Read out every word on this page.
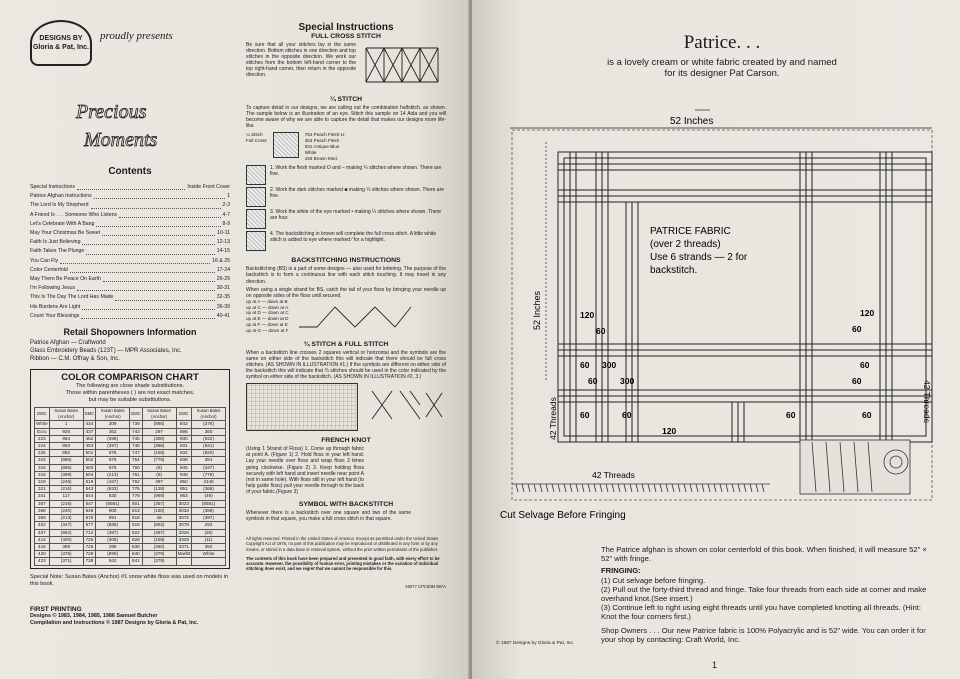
DESIGNS BY Gloria & Pat, Inc.
proudly presents
Precious
Moments
Contents
Special Instructions	Inside Front Cover
Patrice Afghan Instructions	1
The Lord Is My Shepherd	2-3
A Friend Is . . . Someone Who Listens	4-7
Let's Celebrate With A Bang	8-9
May Your Christmas Be Sweet	10-11
Faith Is Just Believing	12-13
Faith Takes The Plunge	14-15
You Can Fly	16 & 25
Color Centerfold	17-24
May There Be Peace On Earth	26-29
I'm Following Jesus	30-31
This Is The Day The Lord Has Made	32-35
His Burdens Are Light	36-39
Count Your Blessings	40-41
Retail Shopowners Information
Patrice Afghan — Craftworld
Glass Embroidery Beads (123T) — MPR Associates, Inc.
Ribbon — C.M. Offray & Son, Inc.
COLOR COMPARISON CHART
The following are close shade substitutions.
Those within parentheses ( ) are not exact matches,
but may be suitable substitutions.
DMC	Susan Bates (Anchor)	DMC	Susan Bates (Anchor)	DMC	Susan Bates (Anchor)	DMC	Susan Bates (Anchor)
White	1	434	309	739	(885)	842	(376)
Ecru	926	437	362	743	297	898	360
223	894	452	(399)	745	(300)	930	(922)
224	893	453	(397)	746	(386)	931	(921)
225	892	501	878	747	(158)	932	(920)
315	(896)	502	876	754	(778)	938	381
316	(895)	503	875	760	(9)	945	(347)
318	(399)	504	(213)	761	(8)	948	(778)
319	(246)	519	(167)	762	397	950	4146
321	(216)	543	(933)	775	(128)	951	(366)
341	117	644	830	778	(968)	963	(49)
367	(216)	647	(8581)	801	(357)	3023	(8581)
368	(240)	648	900	813	(160)	3033	(388)
369	(213)	676	891	818	48	3072	(397)
402	(347)	677	(886)	819	(892)	3078	292
407	(882)	712	(387)	822	(387)	3326	(25)
414	(400)	725	(306)	828	(158)	3328	(11)
415	398	726	295	839	(360)	3371	382
420	(375)	729	(890)	840	(379)	Marlitt	White
433	(371)	738	942	841	(378)		
Special Note: Susan Bates (Anchor) #1 snow white floss was used on models in this book.
FIRST PRINTING
Designs © 1983, 1984, 1985, 1986 Samuel Butcher
Compilation and Instructions © 1987 Designs by Gloria & Pat, Inc.
Special Instructions
FULL CROSS STITCH

Be sure that all your stitches lay in the same direction. Bottom stitches in one direction and top stitches in the opposite direction. We work our stitches from the bottom left-hand corner to the top right-hand corner, then return in the opposite direction.

¼ STITCH

To capture detail in our designs, we are calling out the combination halfstitch, as shown. The sample below is an illustration of an eye. Stitch this sample on 14 Aida and you will become aware of why we are able to capture the detail that makes our designs more life-like.

¼ Stitch
Full Cross
754 Peach Flesh-Lt
353 Peach Flesh
931 Antique Blue
White
433 Brown Med.
1. Work the flesh marked O and – making ¼ stitches where shown. There are five.
2. Work the dark stitches marked ■ making ¼ stitches where shown. There are five.
3. Work the white of the eye marked • making ¼ stitches where shown. There are four.
4. The backstitching in brown will complete the full cross stitch. A little white stitch is added to eye where marked ⁄ for a highlight.
BACKSTITCHING INSTRUCTIONS

Backstitching (BS) is a part of some designs — also used for lettering. The purpose of the backstitch is to form a continuous line with each stitch touching. It may travel in any direction.

When using a single strand for BS, catch the tail of your floss by bringing your needle up on opposite sides of the floss until secured.

up at A — down at B
up at C — down at A
up at D — down at C
up at E — down at D
up at F — down at E
up at G — down at F
¾ STITCH & FULL STITCH

When a backstitch line crosses 2 squares vertical or horizontal and the symbols are the same on either side of the backstitch this will indicate that there should be full cross stitches. (AS SHOWN IN ILLUSTRATION #1.) If the symbols are different on either side of the backstitch this will indicate that ¾ stitches should be used in the color indicated by the symbol on either side of the backstitch. (AS SHOWN IN ILLUSTRATION #2, 3.)

FRENCH KNOT

(Using 1 Strand of Floss) 1. Come up through fabric at point A. (Figure 1) 2. Hold floss in your left hand. Lay your needle over floss and wrap floss 3 times going clockwise. (Figure 2) 3. Keep holding floss securely with left hand and insert needle near point A (not in same hole). With floss still in your left hand (to help guide floss) pull your needle through to the back of your fabric.(Figure 3)

SYMBOL WITH BACKSTITCH

Whenever there is a backstitch over one square and two of the same symbols in that square, you make a full cross stitch in that square.

All rights reserved. Printed in the United States of America. Except as permitted under the United States Copyright Act of 1976, no part of this publication may be reproduced or distributed in any form or by any means, or stored in a data base or retrieval system, without the prior written permission of the publisher.

The contents of this book have been prepared and presented in good faith, with every effort to be accurate. However, the possibility of human error, printing mistakes or the variation of individual stitching does exist, and we regret that we cannot be responsible for this.

26077 CPC50M 987A
Patrice. . .
is a lovely cream or white fabric created by and named for its designer Pat Carson.
52 Inches
52 Inches
PATRICE FABRIC
(over 2 threads)
Use 6 strands — 2 for
backstitch.
120
60
120
60
60 300
300
60
60
60
60
120
60	60	60
42 Threads	42 Threads
42 Threads
Cut Selvage Before Fringing

The Patrice afghan is shown on color centerfold of this book. When finished, it will measure 52" × 52" with fringe.

FRINGING:

(1) Cut selvage before fringing.

(2) Pull out the forty-third thread and fringe. Take four threads from each side at corner and make overhand knot.(See insert.)

(3) Continue left to right using eight threads until you have completed knotting all threads. (Hint: Knot the four corners first.)

Shop Owners . . . Our new Patrice fabric is 100% Polyacrylic and is 52" wide. You can order it for your shop by contacting: Craft World, Inc.

© 1987 Designs by Gloria & Pat, Inc.
1
